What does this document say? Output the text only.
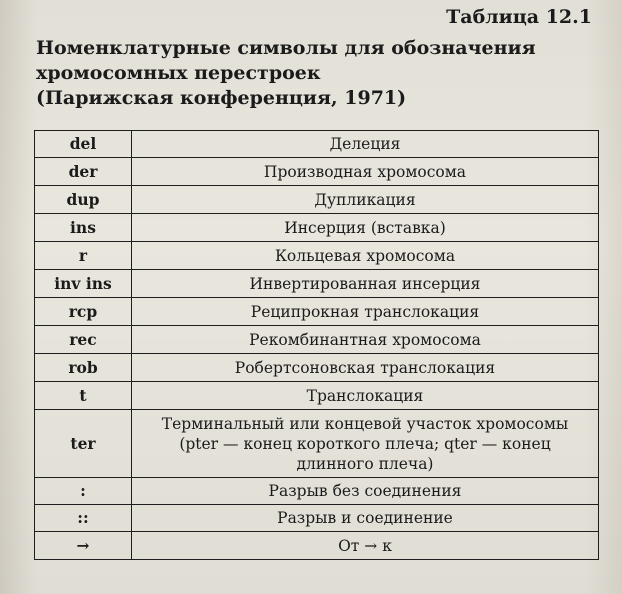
Таблица 12.1
Номенклатурные символы для обозначения
хромосомных перестроек
(Парижская конференция, 1971)
del	Делеция
der	Производная хромосома
dup	Дупликация
ins	Инсерция (вставка)
r	Кольцевая хромосома
inv ins	Инвертированная инсерция
rcp	Реципрокная транслокация
rec	Рекомбинантная хромосома
rob	Робертсоновская транслокация
t	Транслокация
ter	Терминальный или концевой участок хромосомы
(pter — конец короткого плеча; qter — конец
длинного плеча)

:	Разрыв без соединения
::	Разрыв и соединение
→	От → к
